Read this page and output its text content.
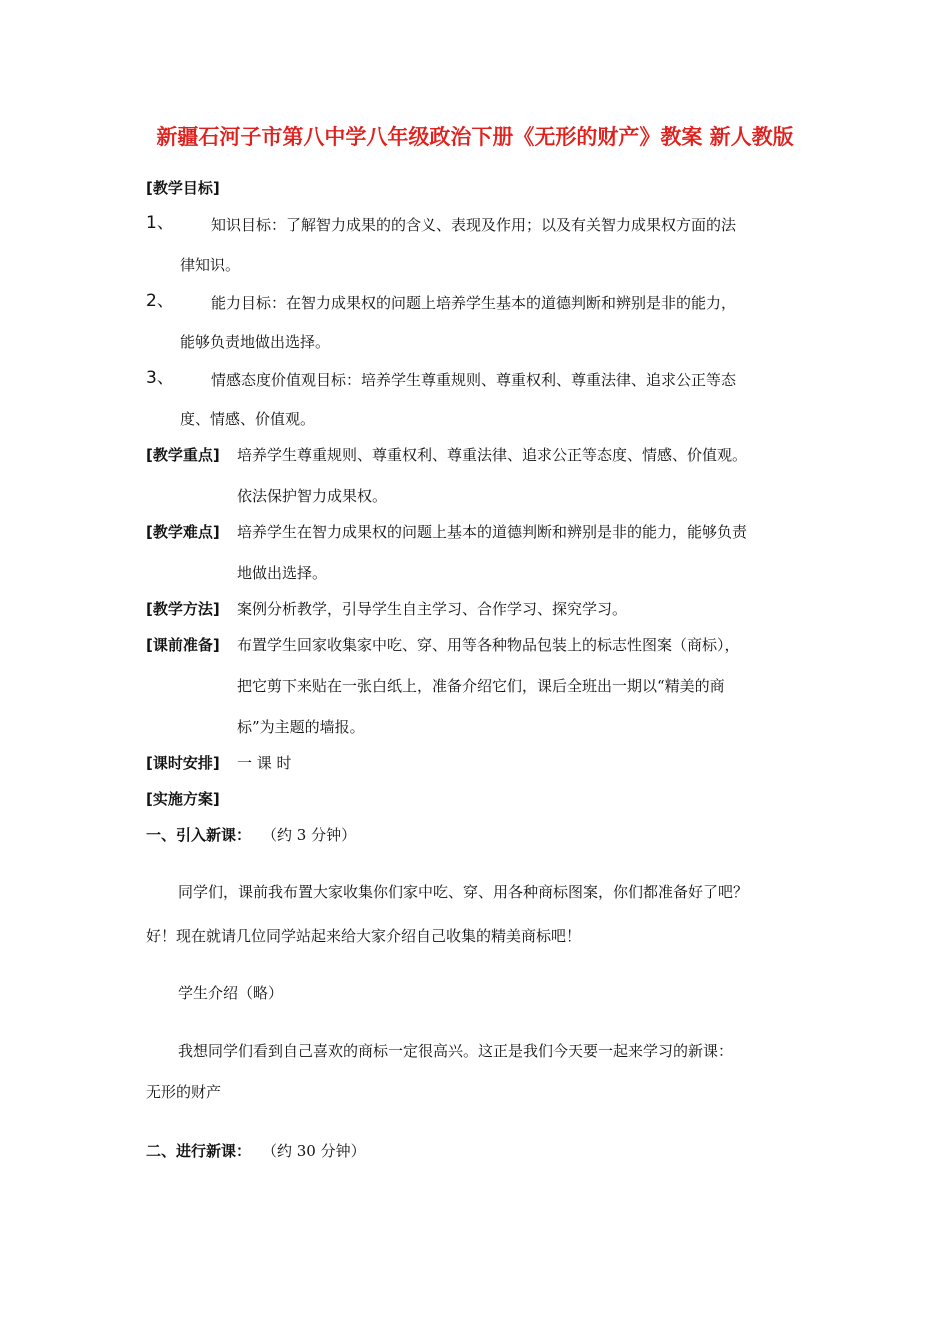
新疆石河子市第八中学八年级政治下册《无形的财产》教案 新人教版
[教学目标]
1、 知识目标：了解智力成果的的含义、表现及作用；以及有关智力成果权方面的法
律知识。
2、 能力目标：在智力成果权的问题上培养学生基本的道德判断和辨别是非的能力，
能够负责地做出选择。
3、 情感态度价值观目标：培养学生尊重规则、尊重权利、尊重法律、追求公正等态
度、情感、价值观。
[教学重点] 培养学生尊重规则、尊重权利、尊重法律、追求公正等态度、情感、价值观。
依法保护智力成果权。
[教学难点] 培养学生在智力成果权的问题上基本的道德判断和辨别是非的能力，能够负责
地做出选择。
[教学方法] 案例分析教学，引导学生自主学习、合作学习、探究学习。
[课前准备] 布置学生回家收集家中吃、穿、用等各种物品包装上的标志性图案（商标），
把它剪下来贴在一张白纸上，准备介绍它们，课后全班出一期以“精美的商
标”为主题的墙报。
[课时安排] 一 课 时
[实施方案]
一、引入新课： （约 3 分钟）
同学们，课前我布置大家收集你们家中吃、穿、用各种商标图案，你们都准备好了吧？
好！现在就请几位同学站起来给大家介绍自己收集的精美商标吧！
学生介绍（略）
我想同学们看到自己喜欢的商标一定很高兴。这正是我们今天要一起来学习的新课：
无形的财产
二、进行新课： （约 30 分钟）
